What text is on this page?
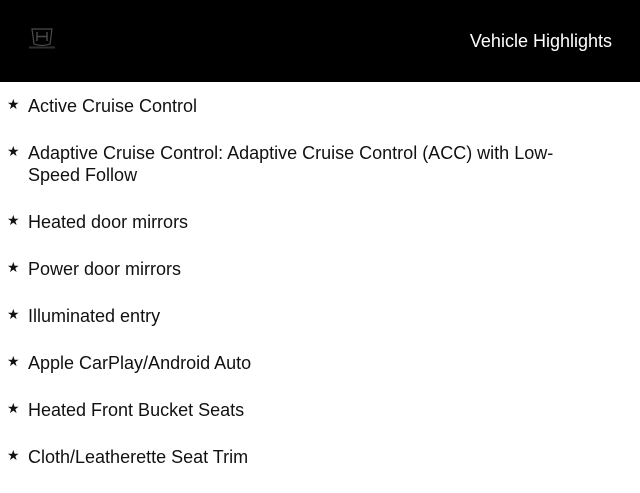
Vehicle Highlights
★ Active Cruise Control
★ Adaptive Cruise Control: Adaptive Cruise Control (ACC) with Low-Speed Follow
★ Heated door mirrors
★ Power door mirrors
★ Illuminated entry
★ Apple CarPlay/Android Auto
★ Heated Front Bucket Seats
★ Cloth/Leatherette Seat Trim
